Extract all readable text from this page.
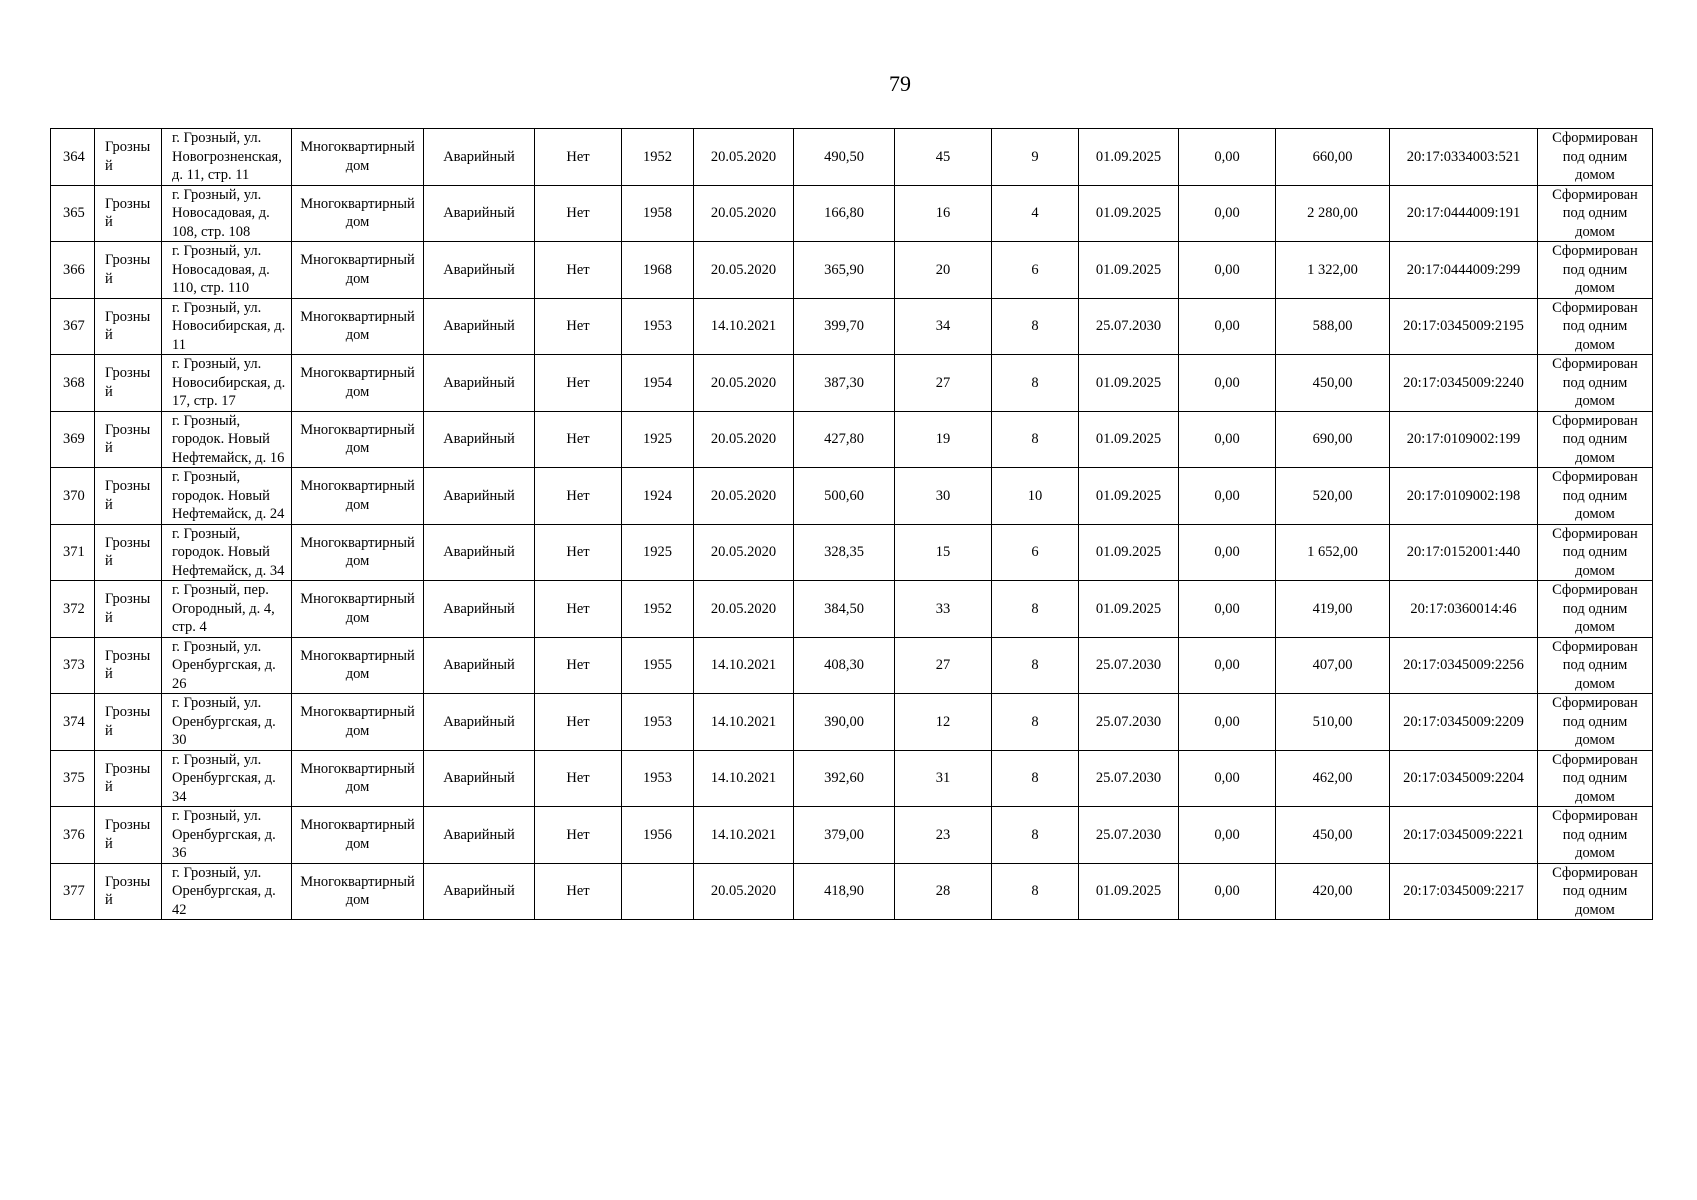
79
364	Грозный	г. Грозный, ул. Новогрозненская, д. 11, стр. 11	Многоквартирный дом	Аварийный	Нет	1952	20.05.2020	490,50	45	9	01.09.2025	0,00	660,00	20:17:0334003:521	Сформирован под одним домом
365	Грозный	г. Грозный, ул. Новосадовая, д. 108, стр. 108	Многоквартирный дом	Аварийный	Нет	1958	20.05.2020	166,80	16	4	01.09.2025	0,00	2 280,00	20:17:0444009:191	Сформирован под одним домом
366	Грозный	г. Грозный, ул. Новосадовая, д. 110, стр. 110	Многоквартирный дом	Аварийный	Нет	1968	20.05.2020	365,90	20	6	01.09.2025	0,00	1 322,00	20:17:0444009:299	Сформирован под одним домом
367	Грозный	г. Грозный, ул. Новосибирская, д. 11	Многоквартирный дом	Аварийный	Нет	1953	14.10.2021	399,70	34	8	25.07.2030	0,00	588,00	20:17:0345009:2195	Сформирован под одним домом
368	Грозный	г. Грозный, ул. Новосибирская, д. 17, стр. 17	Многоквартирный дом	Аварийный	Нет	1954	20.05.2020	387,30	27	8	01.09.2025	0,00	450,00	20:17:0345009:2240	Сформирован под одним домом
369	Грозный	г. Грозный, городок. Новый Нефтемайск, д. 16	Многоквартирный дом	Аварийный	Нет	1925	20.05.2020	427,80	19	8	01.09.2025	0,00	690,00	20:17:0109002:199	Сформирован под одним домом
370	Грозный	г. Грозный, городок. Новый Нефтемайск, д. 24	Многоквартирный дом	Аварийный	Нет	1924	20.05.2020	500,60	30	10	01.09.2025	0,00	520,00	20:17:0109002:198	Сформирован под одним домом
371	Грозный	г. Грозный, городок. Новый Нефтемайск, д. 34	Многоквартирный дом	Аварийный	Нет	1925	20.05.2020	328,35	15	6	01.09.2025	0,00	1 652,00	20:17:0152001:440	Сформирован под одним домом
372	Грозный	г. Грозный, пер. Огородный, д. 4, стр. 4	Многоквартирный дом	Аварийный	Нет	1952	20.05.2020	384,50	33	8	01.09.2025	0,00	419,00	20:17:0360014:46	Сформирован под одним домом
373	Грозный	г. Грозный, ул. Оренбургская, д. 26	Многоквартирный дом	Аварийный	Нет	1955	14.10.2021	408,30	27	8	25.07.2030	0,00	407,00	20:17:0345009:2256	Сформирован под одним домом
374	Грозный	г. Грозный, ул. Оренбургская, д. 30	Многоквартирный дом	Аварийный	Нет	1953	14.10.2021	390,00	12	8	25.07.2030	0,00	510,00	20:17:0345009:2209	Сформирован под одним домом
375	Грозный	г. Грозный, ул. Оренбургская, д. 34	Многоквартирный дом	Аварийный	Нет	1953	14.10.2021	392,60	31	8	25.07.2030	0,00	462,00	20:17:0345009:2204	Сформирован под одним домом
376	Грозный	г. Грозный, ул. Оренбургская, д. 36	Многоквартирный дом	Аварийный	Нет	1956	14.10.2021	379,00	23	8	25.07.2030	0,00	450,00	20:17:0345009:2221	Сформирован под одним домом
377	Грозный	г. Грозный, ул. Оренбургская, д. 42	Многоквартирный дом	Аварийный	Нет		20.05.2020	418,90	28	8	01.09.2025	0,00	420,00	20:17:0345009:2217	Сформирован под одним домом
